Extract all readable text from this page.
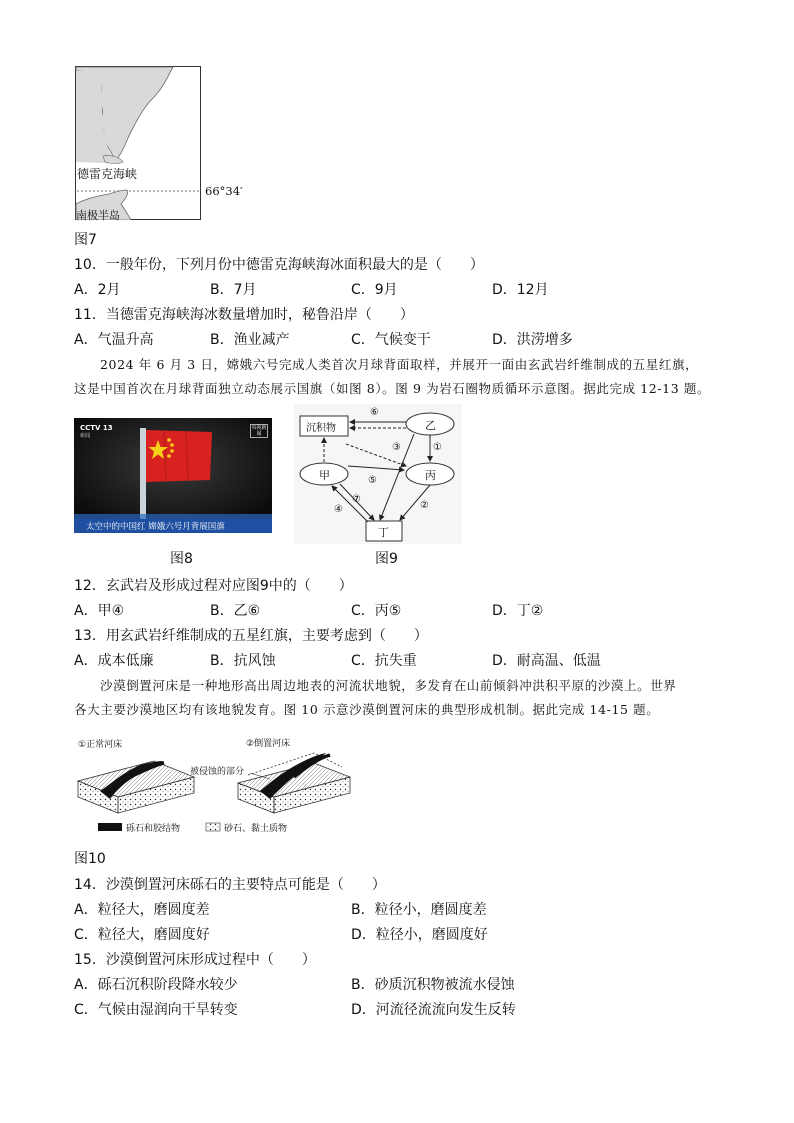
德雷克海峡
南极半岛
66°34′
图7
10．一般年份，下列月份中德雷克海峡海冰面积最大的是（　　）
A．2月	B．7月	C．9月	D．12月
11．当德雷克海峡海冰数量增加时，秘鲁沿岸（　　）
A．气温升高	B．渔业减产	C．气候变干	D．洪涝增多
2024 年 6 月 3 日，嫦娥六号完成人类首次月球背面取样，并展开一面由玄武岩纤维制成的五星红旗，
这是中国首次在月球背面独立动态展示国旗（如图 8）。图 9 为岩石圈物质循环示意图。据此完成 12-13 题。
CCTV 13
新闻
央视新闻
太空中的中国红 嫦娥六号月背展国旗
图8
沉积物	乙
甲	丙
丁
⑥
①
③
⑤
②
⑦
④
图9
12．玄武岩及形成过程对应图9中的（　　）
A．甲④	B．乙⑥	C．丙⑤	D．丁②
13．用玄武岩纤维制成的五星红旗，主要考虑到（　　）
A．成本低廉	B．抗风蚀	C．抗失重	D．耐高温、低温
沙漠倒置河床是一种地形高出周边地表的河流状地貌，多发育在山前倾斜冲洪积平原的沙漠上。世界
各大主要沙漠地区均有该地貌发育。图 10 示意沙漠倒置河床的典型形成机制。据此完成 14-15 题。
①正常河床	②倒置河床
被侵蚀的部分
砾石和胶结物	砂石、黏土质物
图10
14．沙漠倒置河床砾石的主要特点可能是（　　）
A．粒径大，磨圆度差	B．粒径小，磨圆度差
C．粒径大，磨圆度好	D．粒径小，磨圆度好
15．沙漠倒置河床形成过程中（　　）
A．砾石沉积阶段降水较少	B．砂质沉积物被流水侵蚀
C．气候由湿润向干旱转变	D．河流径流流向发生反转
